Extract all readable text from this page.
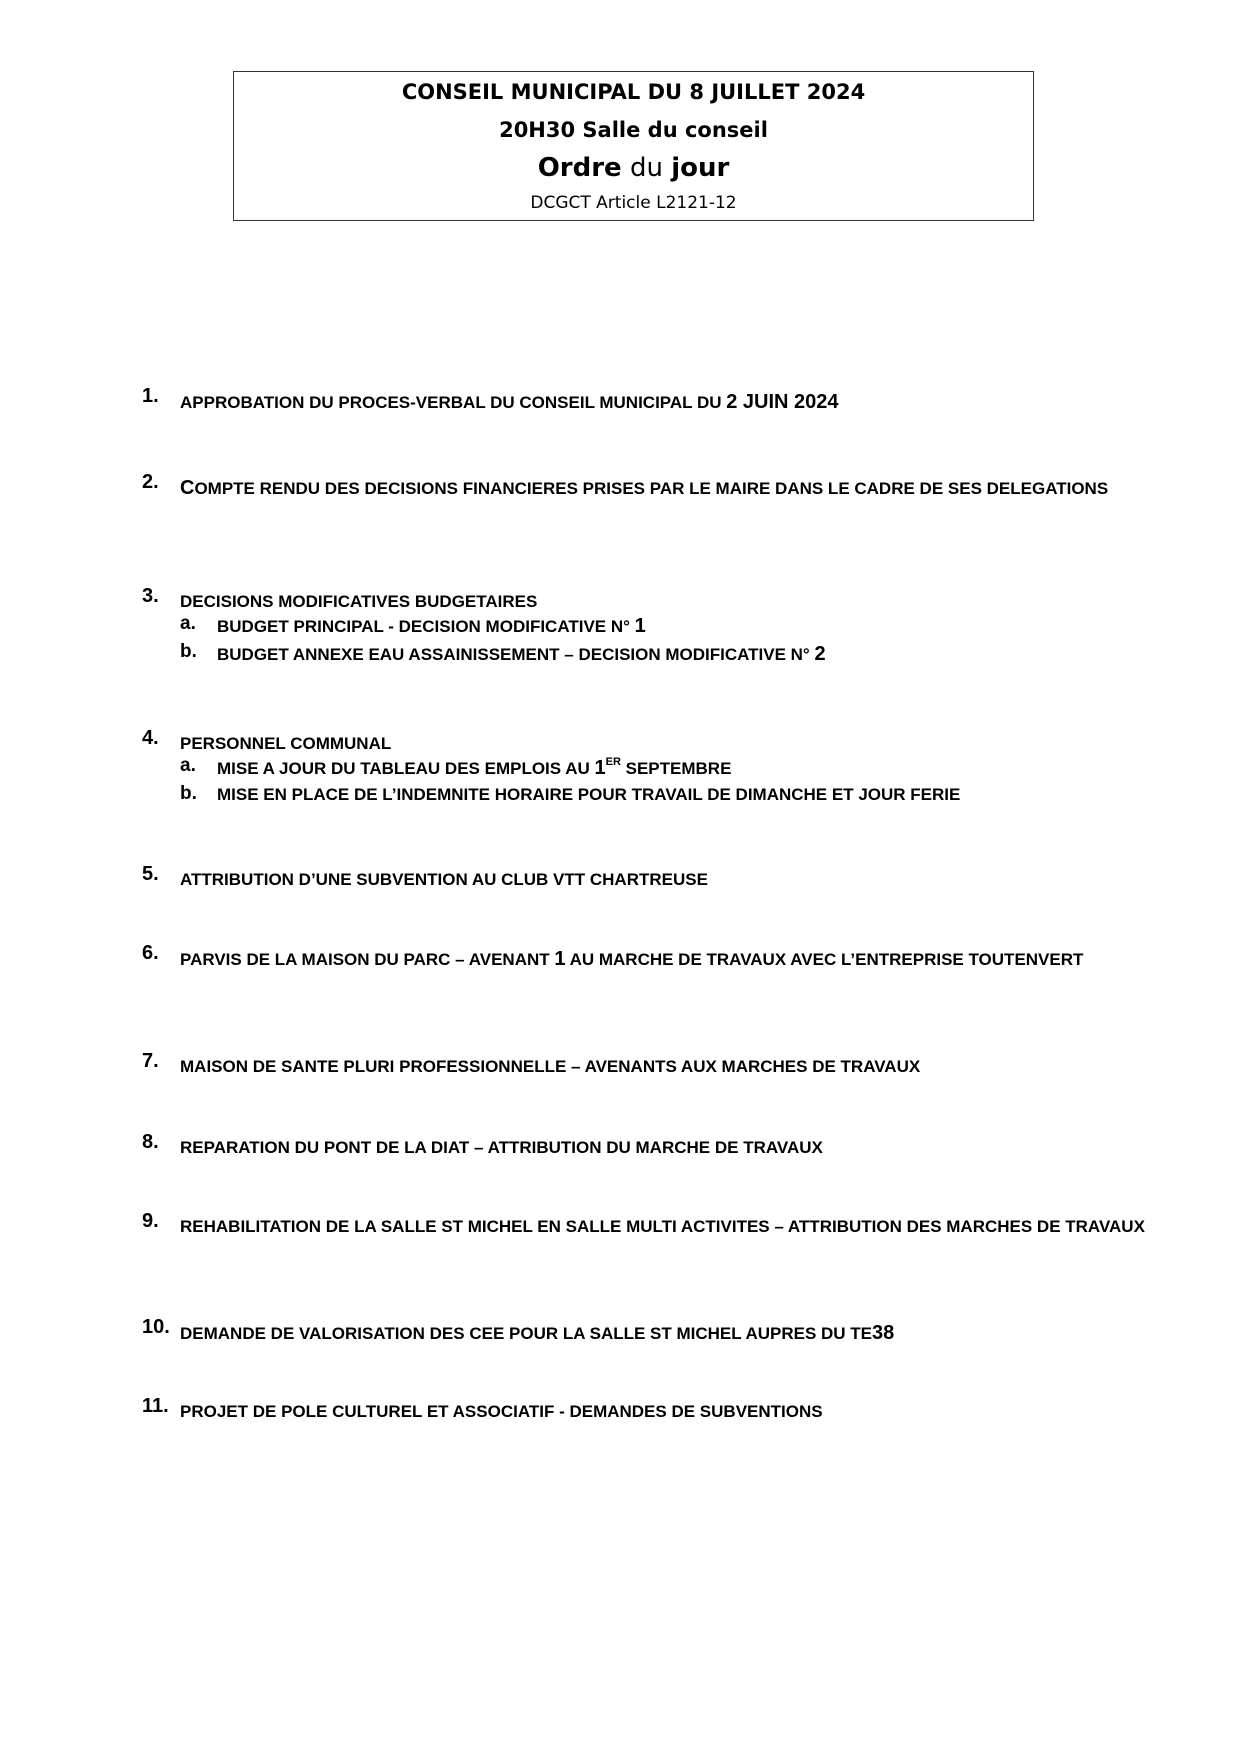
CONSEIL MUNICIPAL DU 8 JUILLET 2024
20H30 Salle du conseil
Ordre du jour
DCGCT Article L2121-12
1. APPROBATION DU PROCES-VERBAL DU CONSEIL MUNICIPAL DU 2 JUIN 2024
2. COMPTE RENDU DES DECISIONS FINANCIERES PRISES PAR LE MAIRE DANS LE CADRE DE SES DELEGATIONS
3. DECISIONS MODIFICATIVES BUDGETAIRES
a. BUDGET PRINCIPAL - DECISION MODIFICATIVE N° 1
b. BUDGET ANNEXE EAU ASSAINISSEMENT – DECISION MODIFICATIVE N° 2
4. PERSONNEL COMMUNAL
a. MISE A JOUR DU TABLEAU DES EMPLOIS AU 1ER SEPTEMBRE
b. MISE EN PLACE DE L’INDEMNITE HORAIRE POUR TRAVAIL DE DIMANCHE ET JOUR FERIE
5. ATTRIBUTION D’UNE SUBVENTION AU CLUB VTT CHARTREUSE
6. PARVIS DE LA MAISON DU PARC – AVENANT 1 AU MARCHE DE TRAVAUX AVEC L’ENTREPRISE TOUTENVERT
7. MAISON DE SANTE PLURI PROFESSIONNELLE – AVENANTS AUX MARCHES DE TRAVAUX
8. REPARATION DU PONT DE LA DIAT – ATTRIBUTION DU MARCHE DE TRAVAUX
9. REHABILITATION DE LA SALLE ST MICHEL EN SALLE MULTI ACTIVITES – ATTRIBUTION DES MARCHES DE TRAVAUX
10. DEMANDE DE VALORISATION DES CEE POUR LA SALLE ST MICHEL AUPRES DU TE38
11. PROJET DE POLE CULTUREL ET ASSOCIATIF - DEMANDES DE SUBVENTIONS
